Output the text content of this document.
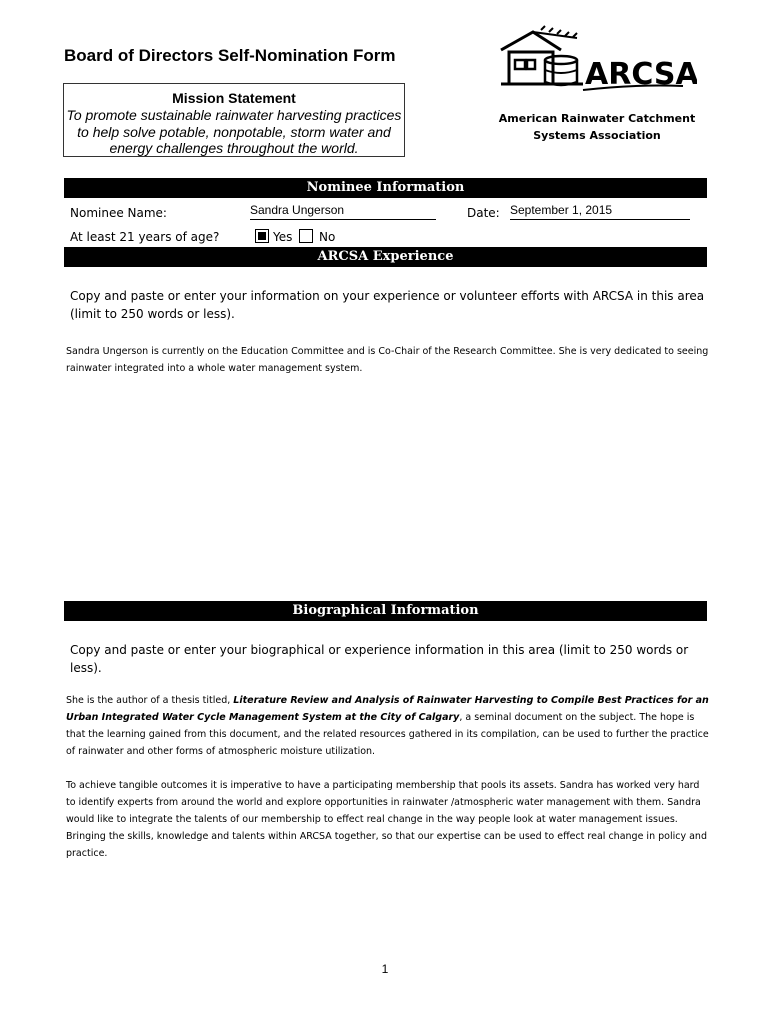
Board of Directors Self-Nomination Form
Mission Statement
To promote sustainable rainwater harvesting practices to help solve potable, nonpotable, storm water and energy challenges throughout the world.
ARCSA
American Rainwater Catchment
Systems Association
Nominee Information
Nominee Name:	Sandra Ungerson	Date: September 1, 2015
At least 21 years of age?	Yes No
ARCSA Experience
Copy and paste or enter your information on your experience or volunteer efforts with ARCSA in this area (limit to 250 words or less).
Sandra Ungerson is currently on the Education Committee and is Co-Chair of the Research Committee. She is very dedicated to seeing rainwater integrated into a whole water management system.
Biographical Information
Copy and paste or enter your biographical or experience information in this area (limit to 250 words or less).
She is the author of a thesis titled, Literature Review and Analysis of Rainwater Harvesting to Compile Best Practices for an Urban Integrated Water Cycle Management System at the City of Calgary, a seminal document on the subject. The hope is that the learning gained from this document, and the related resources gathered in its compilation, can be used to further the practice of rainwater and other forms of atmospheric moisture utilization.
To achieve tangible outcomes it is imperative to have a participating membership that pools its assets. Sandra has worked very hard to identify experts from around the world and explore opportunities in rainwater /atmospheric water management with them. Sandra would like to integrate the talents of our membership to effect real change in the way people look at water management issues. Bringing the skills, knowledge and talents within ARCSA together, so that our expertise can be used to effect real change in policy and practice.
1
